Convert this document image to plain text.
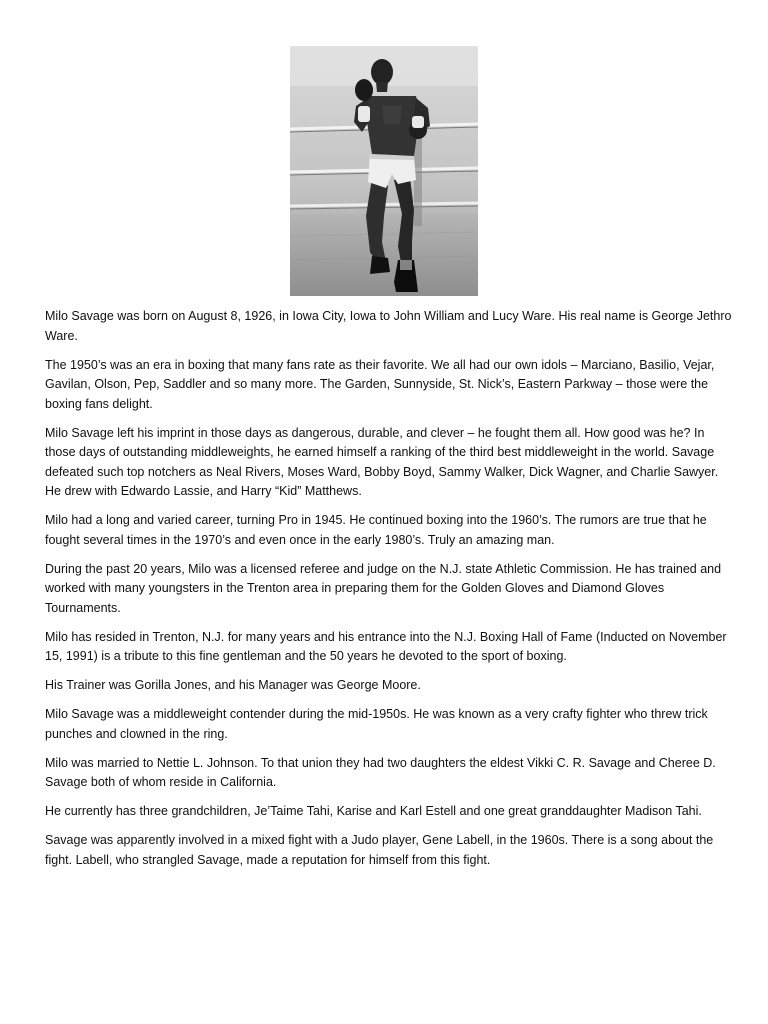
Milo Savage was born on August 8, 1926, in Iowa City, Iowa to John William and Lucy Ware. His real name is George Jethro Ware.

The 1950’s was an era in boxing that many fans rate as their favorite. We all had our own idols – Marciano, Basilio, Vejar, Gavilan, Olson, Pep, Saddler and so many more. The Garden, Sunnyside, St. Nick’s, Eastern Parkway – those were the boxing fans delight.

Milo Savage left his imprint in those days as dangerous, durable, and clever – he fought them all. How good was he? In those days of outstanding middleweights, he earned himself a ranking of the third best middleweight in the world. Savage defeated such top notchers as Neal Rivers, Moses Ward, Bobby Boyd, Sammy Walker, Dick Wagner, and Charlie Sawyer. He drew with Edwardo Lassie, and Harry “Kid” Matthews.

Milo had a long and varied career, turning Pro in 1945. He continued boxing into the 1960’s. The rumors are true that he fought several times in the 1970’s and even once in the early 1980’s. Truly an amazing man.

During the past 20 years, Milo was a licensed referee and judge on the N.J. state Athletic Commission. He has trained and worked with many youngsters in the Trenton area in preparing them for the Golden Gloves and Diamond Gloves Tournaments.

Milo has resided in Trenton, N.J. for many years and his entrance into the N.J. Boxing Hall of Fame (Inducted on November 15, 1991) is a tribute to this fine gentleman and the 50 years he devoted to the sport of boxing.

His Trainer was Gorilla Jones, and his Manager was George Moore.

Milo Savage was a middleweight contender during the mid-1950s. He was known as a very crafty fighter who threw trick punches and clowned in the ring.

Milo was married to Nettie L. Johnson. To that union they had two daughters the eldest Vikki C. R. Savage and Cheree D. Savage both of whom reside in California.

He currently has three grandchildren, Je’Taime Tahi, Karise and Karl Estell and one great granddaughter Madison Tahi.

Savage was apparently involved in a mixed fight with a Judo player, Gene Labell, in the 1960s. There is a song about the fight. Labell, who strangled Savage, made a reputation for himself from this fight.
